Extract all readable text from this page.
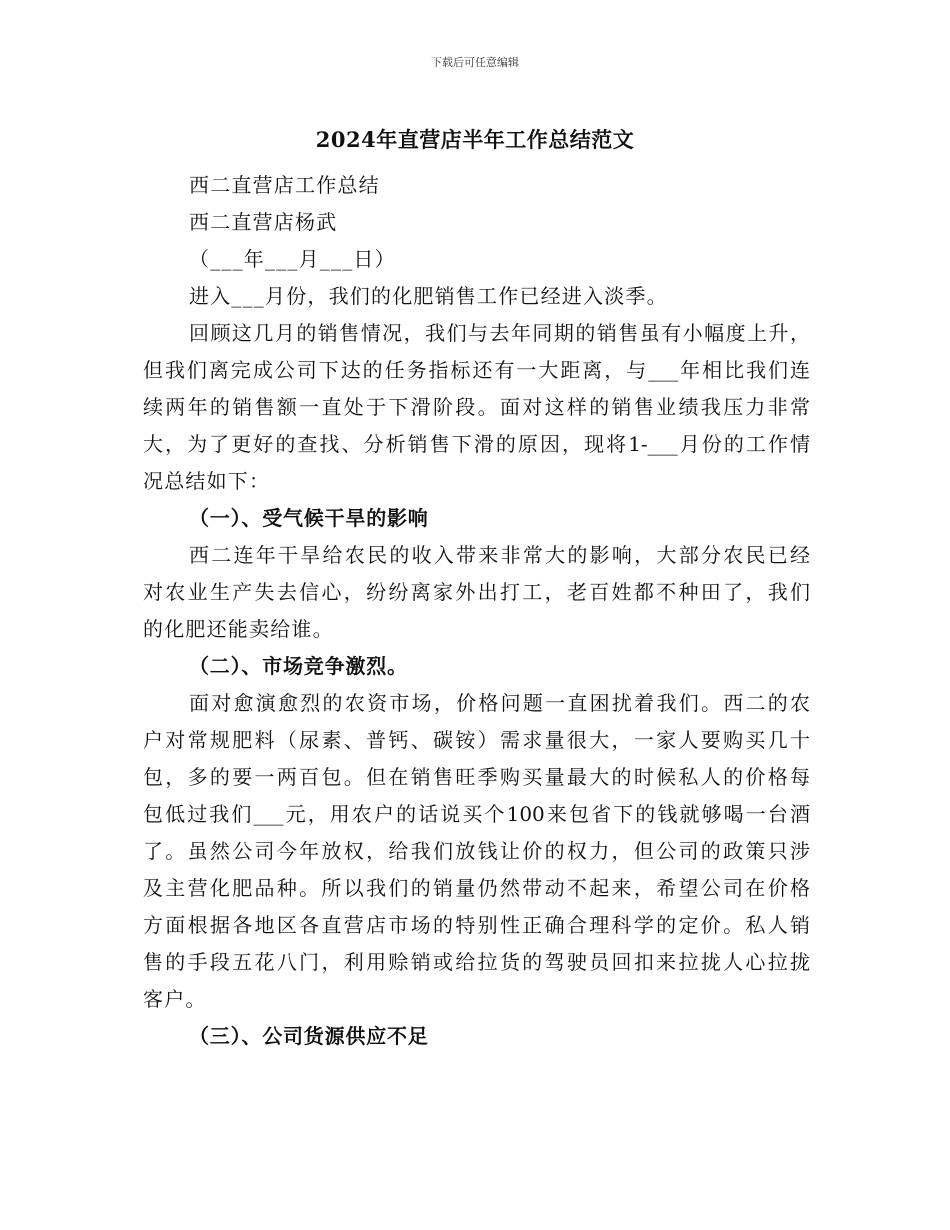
下载后可任意编辑
2024年直营店半年工作总结范文
西二直营店工作总结
西二直营店杨武
（___年___月___日）
进入___月份，我们的化肥销售工作已经进入淡季。
回顾这几月的销售情况，我们与去年同期的销售虽有小幅度上升，
但我们离完成公司下达的任务指标还有一大距离，与___年相比我们连
续两年的销售额一直处于下滑阶段。面对这样的销售业绩我压力非常
大，为了更好的查找、分析销售下滑的原因，现将1-___月份的工作情
况总结如下：
（一）、受气候干旱的影响
西二连年干旱给农民的收入带来非常大的影响，大部分农民已经
对农业生产失去信心，纷纷离家外出打工，老百姓都不种田了，我们
的化肥还能卖给谁。
（二）、市场竞争激烈。
面对愈演愈烈的农资市场，价格问题一直困扰着我们。西二的农
户对常规肥料（尿素、普钙、碳铵）需求量很大，一家人要购买几十
包，多的要一两百包。但在销售旺季购买量最大的时候私人的价格每
包低过我们___元，用农户的话说买个100来包省下的钱就够喝一台酒
了。虽然公司今年放权，给我们放钱让价的权力，但公司的政策只涉
及主营化肥品种。所以我们的销量仍然带动不起来，希望公司在价格
方面根据各地区各直营店市场的特别性正确合理科学的定价。私人销
售的手段五花八门，利用赊销或给拉货的驾驶员回扣来拉拢人心拉拢
客户。
（三）、公司货源供应不足
